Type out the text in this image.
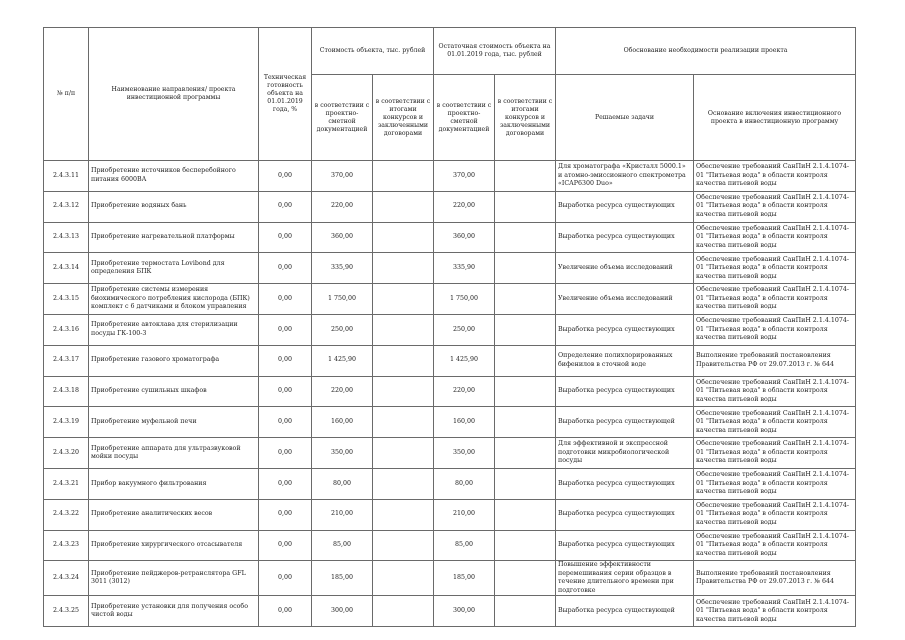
№ п/п	Наименование направления/ проекта инвестиционной программы	Техническая готовность объекта на 01.01.2019 года, %	Стоимость объекта, тыс. рублей		Остаточная стоимость объекта на 01.01.2019 года, тыс. рублей		Обоснование необходимости реализации проекта	
			в соответствии с проектно-сметной документацией	в соответствии с итогами конкурсов и заключенными договорами	в соответствии с проектно-сметной документацией	в соответствии с итогами конкурсов и заключенными договорами	Решаемые задачи	Основание включения инвестиционного проекта в инвестиционную программу
2.4.3.11	Приобретение источников бесперебойного питания 6000ВА	0,00	370,00		370,00		Для хроматографа «Кристалл 5000.1» и атомно-эмиссионного спектрометра «ICAP6300 Duo»	Обеспечение требований СанПиН 2.1.4.1074-01 "Питьевая вода" в области контроля качества питьевой воды
2.4.3.12	Приобретение водяных бань	0,00	220,00		220,00		Выработка ресурса существующих	Обеспечение требований СанПиН 2.1.4.1074-01 "Питьевая вода" в области контроля качества питьевой воды
2.4.3.13	Приобретение нагревательной платформы	0,00	360,00		360,00		Выработка ресурса существующих	Обеспечение требований СанПиН 2.1.4.1074-01 "Питьевая вода" в области контроля качества питьевой воды
2.4.3.14	Приобретение термостата Lovibond для определения БПК	0,00	335,90		335,90		Увеличение объема исследований	Обеспечение требований СанПиН 2.1.4.1074-01 "Питьевая вода" в области контроля качества питьевой воды
2.4.3.15	Приобретение системы измерения биохимического потребления кислорода (БПК) комплект с 6 датчиками и блоком управления	0,00	1 750,00		1 750,00		Увеличение объема исследований	Обеспечение требований СанПиН 2.1.4.1074-01 "Питьевая вода" в области контроля качества питьевой воды
2.4.3.16	Приобретение автоклава для стерилизации посуды ГК-100-3	0,00	250,00		250,00		Выработка ресурса существующих	Обеспечение требований СанПиН 2.1.4.1074-01 "Питьевая вода" в области контроля качества питьевой воды
2.4.3.17	Приобретение газового хроматографа	0,00	1 425,90		1 425,90		Определение полихлорированных бифенилов в сточной воде	Выполнение требований постановления Правительства РФ от 29.07.2013 г. № 644
2.4.3.18	Приобретение сушильных шкафов	0,00	220,00		220,00		Выработка ресурса существующих	Обеспечение требований СанПиН 2.1.4.1074-01 "Питьевая вода" в области контроля качества питьевой воды
2.4.3.19	Приобретение муфельной печи	0,00	160,00		160,00		Выработка ресурса существующей	Обеспечение требований СанПиН 2.1.4.1074-01 "Питьевая вода" в области контроля качества питьевой воды
2.4.3.20	Приобретение аппарата для ультразвуковой мойки посуды	0,00	350,00		350,00		Для эффективной и экспрессной подготовки микробиологической посуды	Обеспечение требований СанПиН 2.1.4.1074-01 "Питьевая вода" в области контроля качества питьевой воды
2.4.3.21	Прибор вакуумного фильтрования	0,00	80,00		80,00		Выработка ресурса существующих	Обеспечение требований СанПиН 2.1.4.1074-01 "Питьевая вода" в области контроля качества питьевой воды
2.4.3.22	Приобретение аналитических весов	0,00	210,00		210,00		Выработка ресурса существующих	Обеспечение требований СанПиН 2.1.4.1074-01 "Питьевая вода" в области контроля качества питьевой воды
2.4.3.23	Приобретение хирургического отсасывателя	0,00	85,00		85,00		Выработка ресурса существующих	Обеспечение требований СанПиН 2.1.4.1074-01 "Питьевая вода" в области контроля качества питьевой воды
2.4.3.24	Приобретение пейджеров-ретранслятора GFL 3011 (3012)	0,00	185,00		185,00		Повышение эффективности перемешивания серии образцов в течение длительного времени при подготовке	Выполнение требований постановления Правительства РФ от 29.07.2013 г. № 644
2.4.3.25	Приобретение установки для получения особо чистой воды	0,00	300,00		300,00		Выработка ресурса существующей	Обеспечение требований СанПиН 2.1.4.1074-01 "Питьевая вода" в области контроля качества питьевой воды
